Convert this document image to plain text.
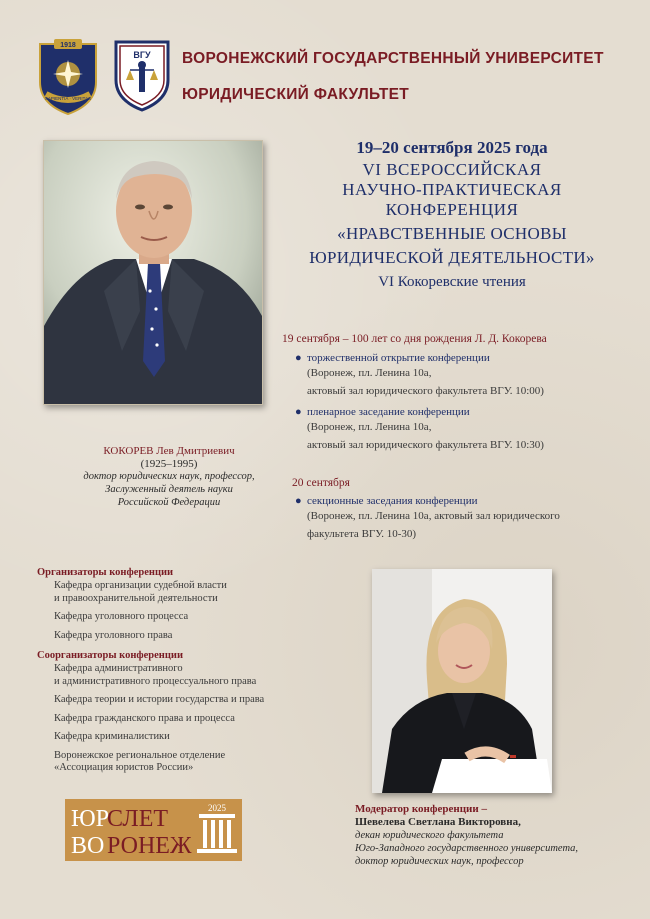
1918
SAPIENTIA · VERITAS
ВГУ ВОРОНЕЖСКИЙ ГОСУДАРСТВЕННЫЙ УНИВЕРСИТЕТ
ЮРИДИЧЕСКИЙ ФАКУЛЬТЕТ
КОКОРЕВ Лев Дмитриевич
(1925–1995)
доктор юридических наук, профессор,
Заслуженный деятель науки
Российской Федерации
19–20 сентября 2025 года
VI ВСЕРОССИЙСКАЯ
НАУЧНО-ПРАКТИЧЕСКАЯ
КОНФЕРЕНЦИЯ
«НРАВСТВЕННЫЕ ОСНОВЫ
ЮРИДИЧЕСКОЙ ДЕЯТЕЛЬНОСТИ»
VI Кокоревские чтения
19 сентября – 100 лет со дня рождения Л. Д. Кокорева
● торжественной открытие конференции
(Воронеж, пл. Ленина 10а,
актовый зал юридического факультета ВГУ. 10:00)
● пленарное заседание конференции
(Воронеж, пл. Ленина 10а,
актовый зал юридического факультета ВГУ. 10:30)
20 сентября
● секционные заседания конференции
(Воронеж, пл. Ленина 10а, актовый зал юридического
факультета ВГУ. 10-30)
Организаторы конференции
Кафедра организации судебной власти
и правоохранительной деятельности
Кафедра уголовного процесса
Кафедра уголовного права
Соорганизаторы конференции
Кафедра административного
и административного процессуального права
Кафедра теории и истории государства и права
Кафедра гражданского права и процесса
Кафедра криминалистики
Воронежское региональное отделение
«Ассоциация юристов России»
Модератор конференции –
Шевелева Светлана Викторовна,
декан юридического факультета
Юго-Западного государственного университета,
доктор юридических наук, профессор
ЮР
СЛЕТ
ВО РОНЕЖ
2025
